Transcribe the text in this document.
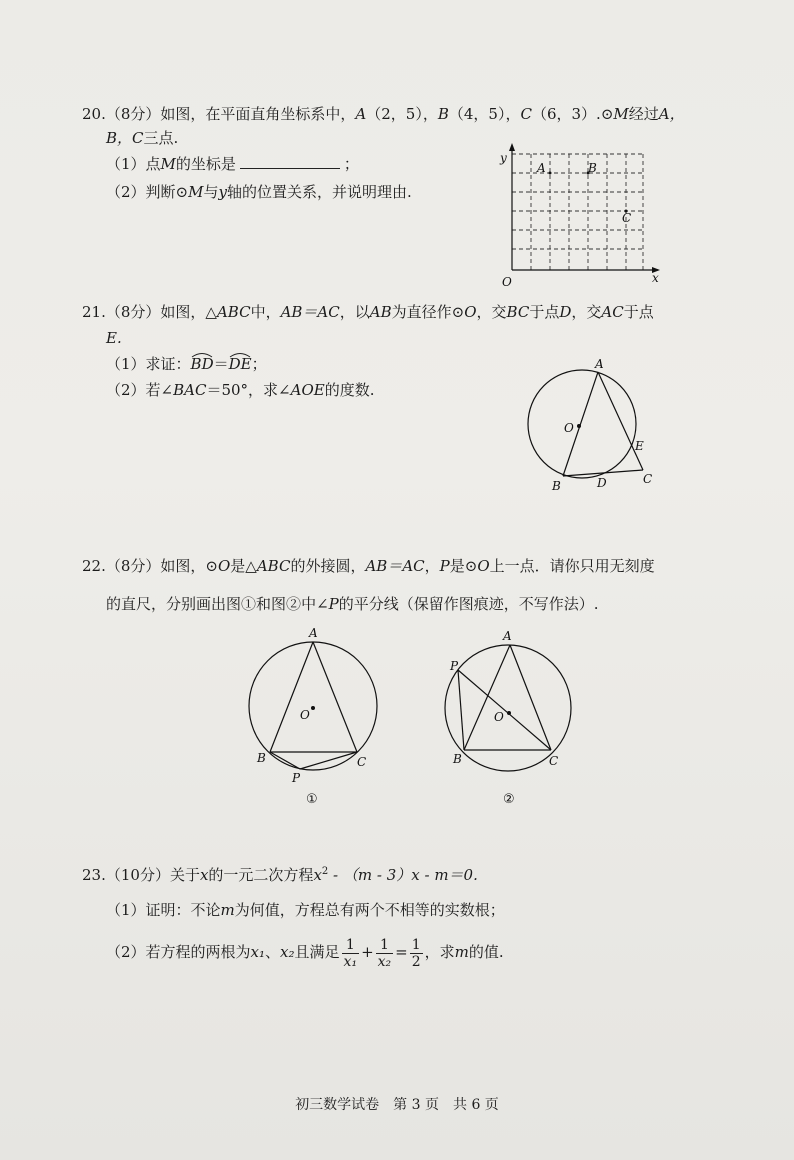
20.（8分）如图，在平面直角坐标系中，A（2，5），B（4，5），C（6，3）.⊙M经过A，
B，C三点.
（1）点M的坐标是	；
（2）判断⊙M与y轴的位置关系，并说明理由.
y
x
O
A	B
C
21.（8分）如图，△ABC中，AB＝AC，以AB为直径作⊙O，交BC于点D，交AC于点
E.
（1）求证：BD
＝DE
；
（2）若∠BAC＝50°，求∠AOE的度数.
A
O
E
B	D	C
22.（8分）如图，⊙O是△ABC的外接圆，AB＝AC，P是⊙O上一点．请你只用无刻度
的直尺，分别画出图①和图②中∠P的平分线（保留作图痕迹，不写作法）.
A
O
B	C
P
①
A
P
O
B	C
②
23.（10分）关于x的一元二次方程$x^2 - (m - 3)x - m=0$.
（1）证明：不论m为何值，方程总有两个不相等的实数根；
（2）若方程的两根为x₁、x₂且满足 $\frac{1}{\text{x₁}} + \frac{1}{\text{x₂}} = \frac{1}{2}$ ，求m的值.
初三数学试卷　第 3 页　共 6 页
